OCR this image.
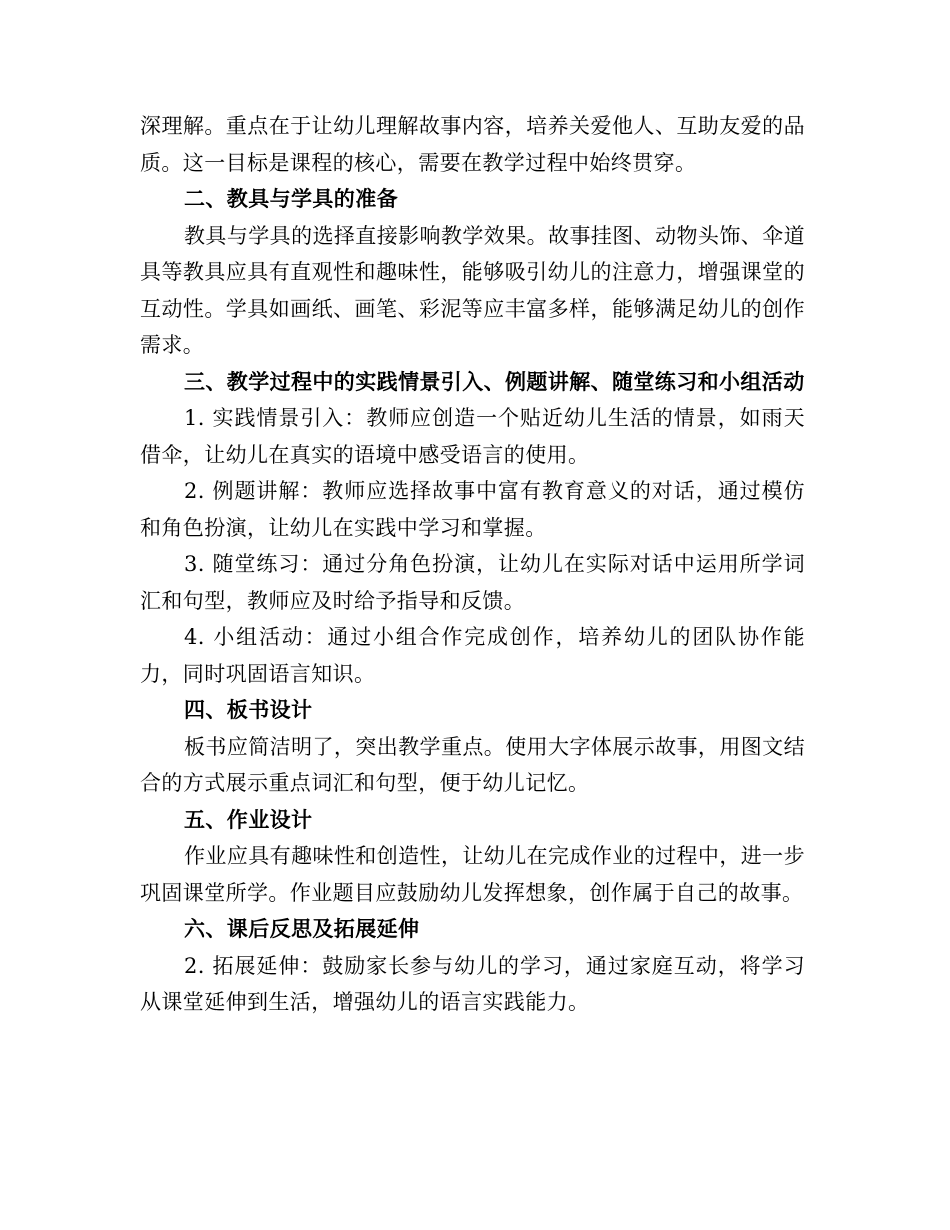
深理解。重点在于让幼儿理解故事内容，培养关爱他人、互助友爱的品质。这一目标是课程的核心，需要在教学过程中始终贯穿。

二、教具与学具的准备

教具与学具的选择直接影响教学效果。故事挂图、动物头饰、伞道具等教具应具有直观性和趣味性，能够吸引幼儿的注意力，增强课堂的互动性。学具如画纸、画笔、彩泥等应丰富多样，能够满足幼儿的创作需求。

三、教学过程中的实践情景引入、例题讲解、随堂练习和小组活动

1. 实践情景引入：教师应创造一个贴近幼儿生活的情景，如雨天借伞，让幼儿在真实的语境中感受语言的使用。

2. 例题讲解：教师应选择故事中富有教育意义的对话，通过模仿和角色扮演，让幼儿在实践中学习和掌握。

3. 随堂练习：通过分角色扮演，让幼儿在实际对话中运用所学词汇和句型，教师应及时给予指导和反馈。

4. 小组活动：通过小组合作完成创作，培养幼儿的团队协作能力，同时巩固语言知识。

四、板书设计

板书应简洁明了，突出教学重点。使用大字体展示故事，用图文结合的方式展示重点词汇和句型，便于幼儿记忆。

五、作业设计

作业应具有趣味性和创造性，让幼儿在完成作业的过程中，进一步巩固课堂所学。作业题目应鼓励幼儿发挥想象，创作属于自己的故事。

六、课后反思及拓展延伸

2. 拓展延伸：鼓励家长参与幼儿的学习，通过家庭互动，将学习从课堂延伸到生活，增强幼儿的语言实践能力。
